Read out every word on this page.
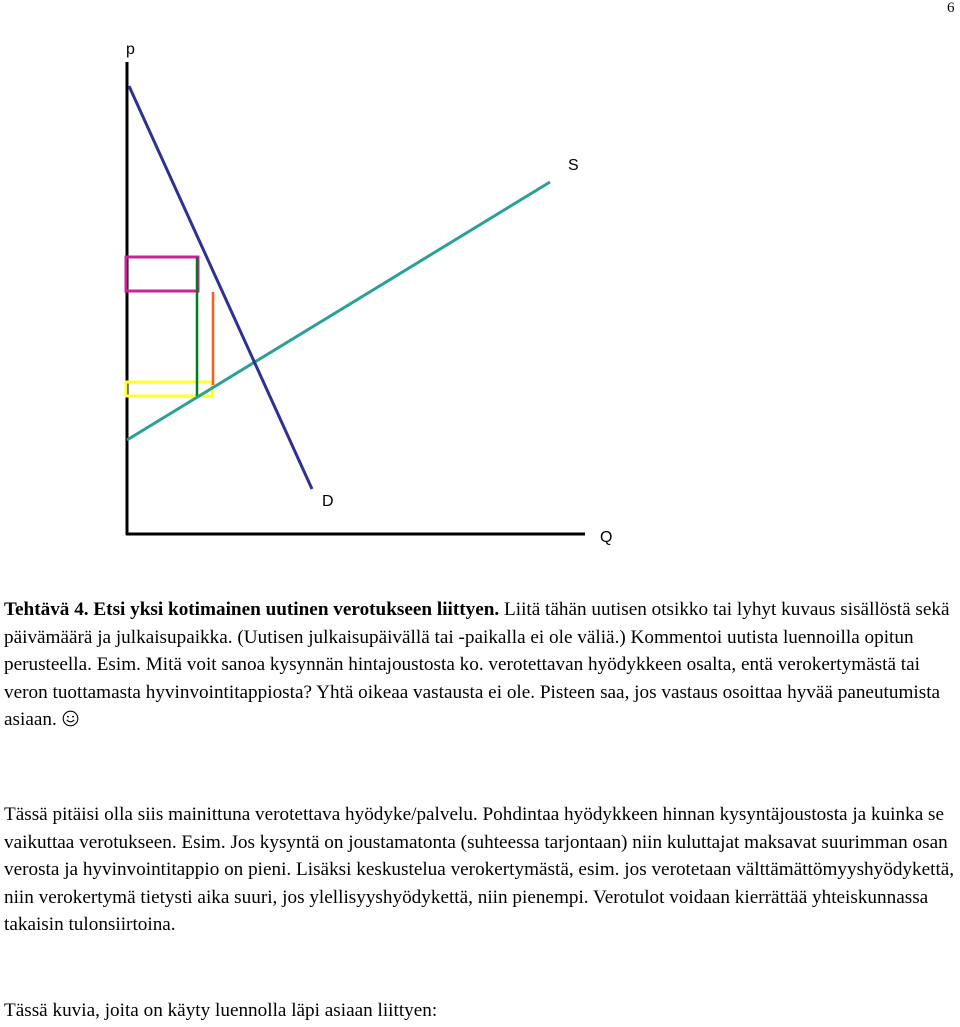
6
p
S
D
Q

Tehtävä 4. Etsi yksi kotimainen uutinen verotukseen liittyen. Liitä tähän uutisen otsikko tai lyhyt kuvaus sisällöstä sekä päivämäärä ja julkaisupaikka. (Uutisen julkaisupäivällä tai -paikalla ei ole väliä.) Kommentoi uutista luennoilla opitun perusteella. Esim. Mitä voit sanoa kysynnän hintajoustosta ko. verotettavan hyödykkeen osalta, entä verokertymästä tai veron tuottamasta hyvinvointitappiosta? Yhtä oikeaa vastausta ei ole. Pisteen saa, jos vastaus osoittaa hyvää paneutumista asiaan.

Tässä pitäisi olla siis mainittuna verotettava hyödyke/palvelu. Pohdintaa hyödykkeen hinnan kysyntäjoustosta ja kuinka se vaikuttaa verotukseen. Esim. Jos kysyntä on joustamatonta (suhteessa tarjontaan) niin kuluttajat maksavat suurimman osan verosta ja hyvinvointitappio on pieni. Lisäksi keskustelua verokertymästä, esim. jos verotetaan välttämättömyyshyödykettä, niin verokertymä tietysti aika suuri, jos ylellisyyshyödykettä, niin pienempi. Verotulot voidaan kierrättää yhteiskunnassa takaisin tulonsiirtoina.
Tässä kuvia, joita on käyty luennolla läpi asiaan liittyen:
